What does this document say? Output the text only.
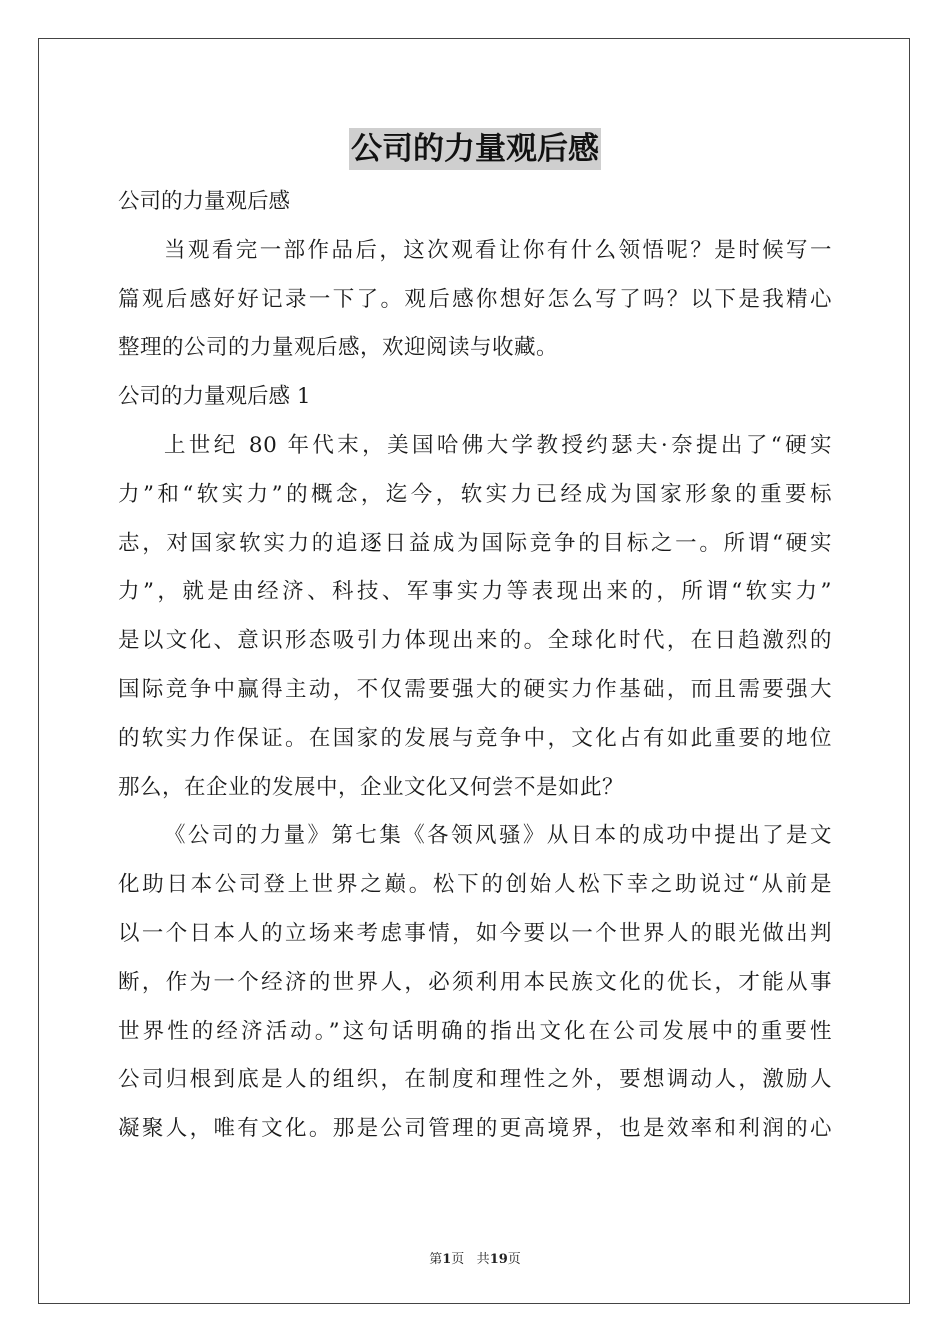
公司的力量观后感
公司的力量观后感
当观看完一部作品后，这次观看让你有什么领悟呢？是时候写一
篇观后感好好记录一下了。观后感你想好怎么写了吗？以下是我精心
整理的公司的力量观后感，欢迎阅读与收藏。
公司的力量观后感 1
上世纪 80 年代末，美国哈佛大学教授约瑟夫·奈提出了“硬实
力”和“软实力”的概念，迄今，软实力已经成为国家形象的重要标
志，对国家软实力的追逐日益成为国际竞争的目标之一。所谓“硬实
力”，就是由经济、科技、军事实力等表现出来的，所谓“软实力”
是以文化、意识形态吸引力体现出来的。全球化时代，在日趋激烈的
国际竞争中赢得主动，不仅需要强大的硬实力作基础，而且需要强大
的软实力作保证。在国家的发展与竞争中，文化占有如此重要的地位
那么，在企业的发展中，企业文化又何尝不是如此？
《公司的力量》第七集《各领风骚》从日本的成功中提出了是文
化助日本公司登上世界之巅。松下的创始人松下幸之助说过“从前是
以一个日本人的立场来考虑事情，如今要以一个世界人的眼光做出判
断，作为一个经济的世界人，必须利用本民族文化的优长，才能从事
世界性的经济活动。”这句话明确的指出文化在公司发展中的重要性
公司归根到底是人的组织，在制度和理性之外，要想调动人，激励人
凝聚人，唯有文化。那是公司管理的更高境界，也是效率和利润的心
第1页 共19页
